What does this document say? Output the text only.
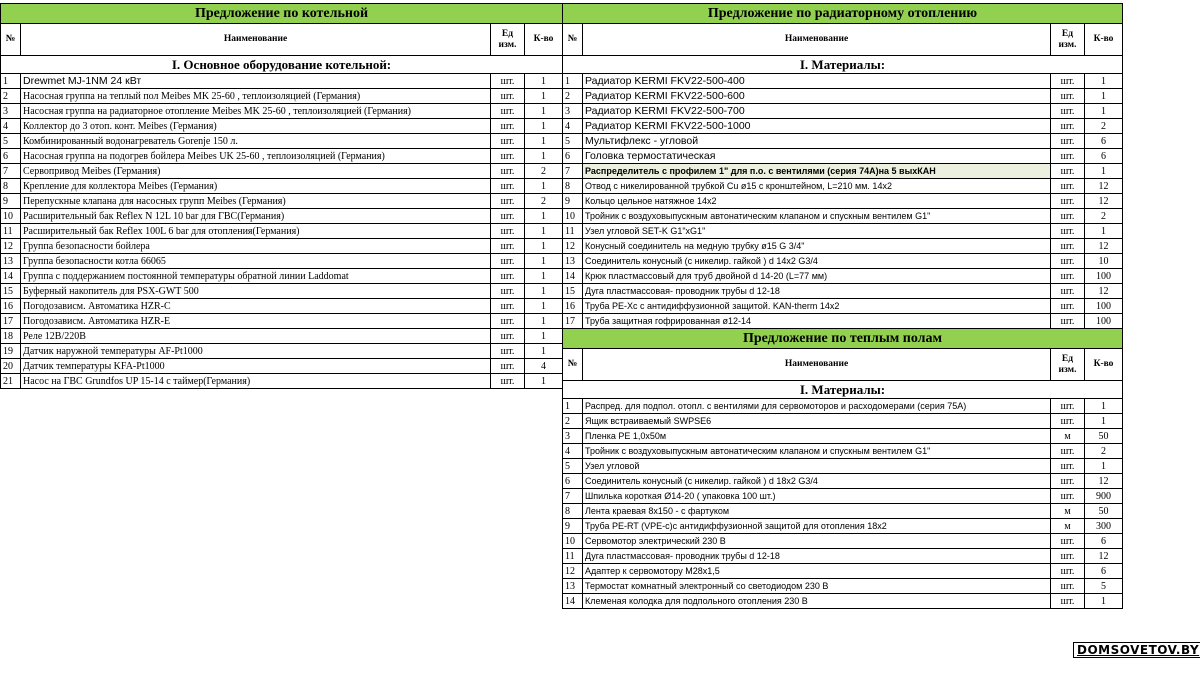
Предложение по котельной			
№	Наименование	Ед изм.	К-во
I. Основное оборудование котельной:			
1	Drewmet MJ-1NM 24 кВт	шт.	1
2	Насосная группа на теплый пол Meibes MK 25-60 , теплоизоляцией (Германия)	шт.	1
3	Насосная группа на радиаторное отопление Meibes MK 25-60 , теплоизоляцией (Германия)	шт.	1
4	Коллектор до 3 отоп. конт. Meibes (Германия)	шт.	1
5	Комбинированный водонагреватель Gorenje 150 л.	шт.	1
6	Насосная группа на подогрев бойлера Meibes UK 25-60 , теплоизоляцией (Германия)	шт.	1
7	Сервопривод Meibes (Германия)	шт.	2
8	Крепление для коллектора Meibes (Германия)	шт.	1
9	Перепускные клапана для насосных групп Meibes (Германия)	шт.	2
10	Расширительный бак Reflex N 12L 10 bar для ГВС(Германия)	шт.	1
11	Расширительный бак Reflex 100L 6 bar для отопления(Германия)	шт.	1
12	Группа безопасности бойлера	шт.	1
13	Группа безопасности котла 66065	шт.	1
14	Группа с поддержанием постоянной температуры обратной линии Laddomat	шт.	1
15	Буферный накопитель для PSX-GWT 500	шт.	1
16	Погодозависм. Автоматика HZR-C	шт.	1
17	Погодозависм. Автоматика HZR-E	шт.	1
18	Реле 12В/220В	шт.	1
19	Датчик наружной температуры AF-Pt1000	шт.	1
20	Датчик температуры KFA-Pt1000	шт.	4
21	Насос на ГВС Grundfos UP 15-14 с таймер(Германия)	шт.	1
Предложение по радиаторному отоплению			
№	Наименование	Ед изм.	К-во
I. Материалы:			
1	Радиатор KERMI FKV22-500-400	шт.	1
2	Радиатор KERMI FKV22-500-600	шт.	1
3	Радиатор KERMI FKV22-500-700	шт.	1
4	Радиатор KERMI FKV22-500-1000	шт.	2
5	Мультифлекс - угловой	шт.	6
6	Головка термостатическая	шт.	6
7	Распределитель с профилем 1" для п.о. с вентилями (серия 74A)на 5 выхКАН	шт.	1
8	Отвод с никелированной трубкой Cu ø15 с кронштейном, L=210 мм. 14x2	шт.	12
9	Кольцо цельное натяжное 14x2	шт.	12
10	Тройник с воздуховыпускным автонатическим клапаном и спускным вентилем G1"	шт.	2
11	Узел угловой SET-K G1"xG1"	шт.	1
12	Конусный соединитель на медную трубку ø15 G 3/4"	шт.	12
13	Соединитель конусный (с никелир. гайкой ) d 14x2 G3/4	шт.	10
14	Крюк пластмассовый для труб двойной d 14-20 (L=77 мм)	шт.	100
15	Дуга пластмассовая- проводник трубы d 12-18	шт.	12
16	Труба PE-Xc с антидиффузионной защитой. KAN-therm 14x2	шт.	100
17	Труба защитная гофрированная ø12-14	шт.	100
Предложение по теплым полам			
№	Наименование	Ед изм.	К-во
I. Материалы:			
1	Распред. для подпол. отопл. с вентилями для сервомоторов и расходомерами (серия 75A)	шт.	1
2	Ящик встраиваемый SWPSE6	шт.	1
3	Пленка PE 1,0x50м	м	50
4	Тройник с воздуховыпускным автонатическим клапаном и спускным вентилем G1"	шт.	2
5	Узел угловой	шт.	1
6	Соединитель конусный (с никелир. гайкой ) d 18x2 G3/4	шт.	12
7	Шпилька короткая Ø14-20 ( упаковка 100 шт.)	шт.	900
8	Лента краевая 8x150 - с фартуком	м	50
9	Труба PE-RT (VPE-c)с антидиффузионной защитой для отопления 18x2	м	300
10	Сервомотор электрический 230 В	шт.	6
11	Дуга пластмассовая- проводник трубы d 12-18	шт.	12
12	Адаптер к сервомотору M28x1,5	шт.	6
13	Термостат комнатный электронный со светодиодом 230 В	шт.	5
14	Клеменая колодка для подпольного отопления 230 В	шт.	1
DOMSOVETOV.BY
